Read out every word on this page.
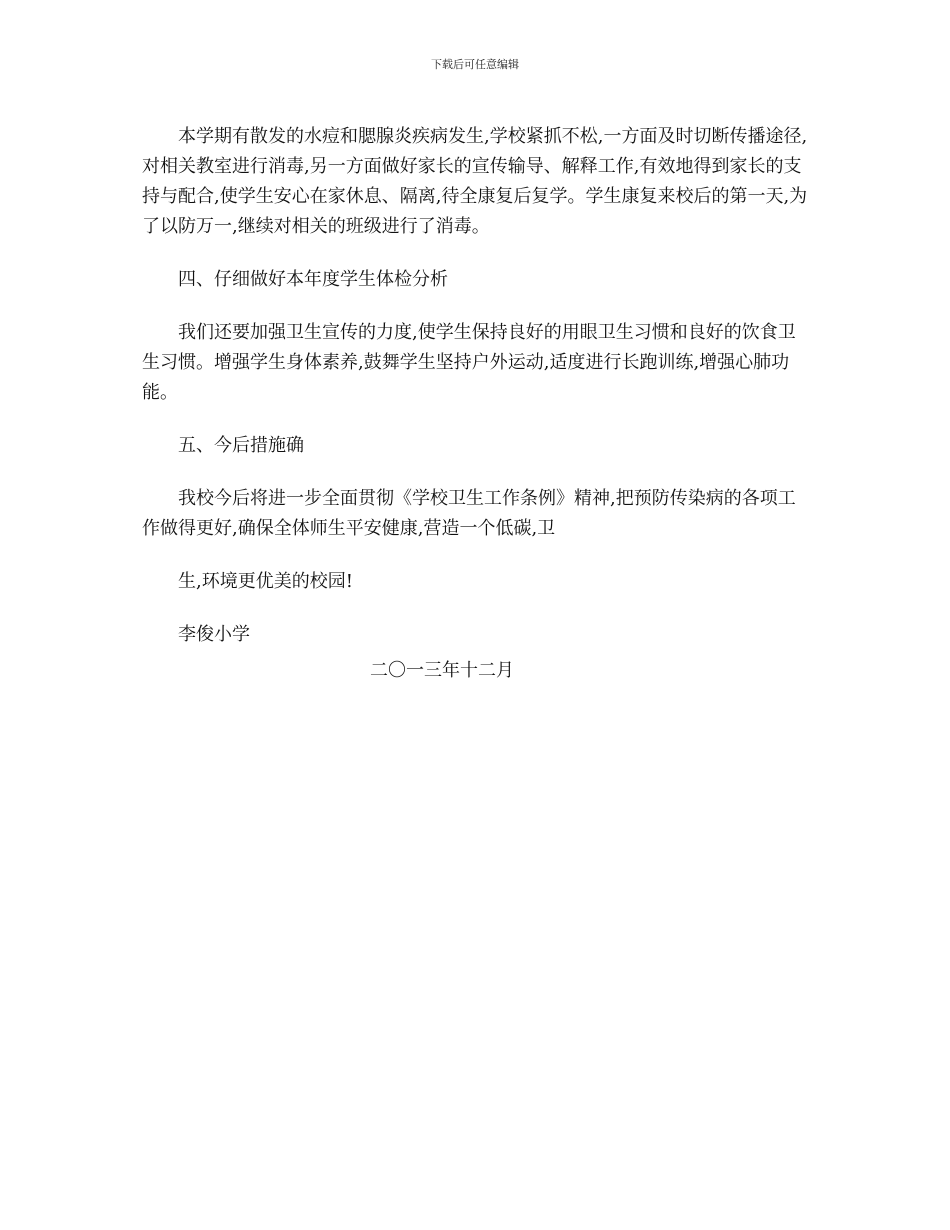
下载后可任意编辑

本学期有散发的水痘和腮腺炎疾病发生,学校紧抓不松,一方面及时切断传播途径,对相关教室进行消毒,另一方面做好家长的宣传输导、解释工作,有效地得到家长的支持与配合,使学生安心在家休息、隔离,待全康复后复学。学生康复来校后的第一天,为了以防万一,继续对相关的班级进行了消毒。

四、仔细做好本年度学生体检分析

我们还要加强卫生宣传的力度,使学生保持良好的用眼卫生习惯和良好的饮食卫生习惯。增强学生身体素养,鼓舞学生坚持户外运动,适度进行长跑训练,增强心肺功能。

五、今后措施确

我校今后将进一步全面贯彻《学校卫生工作条例》精神,把预防传染病的各项工作做得更好,确保全体师生平安健康,营造一个低碳,卫

生,环境更优美的校园!

李俊小学

二〇一三年十二月
